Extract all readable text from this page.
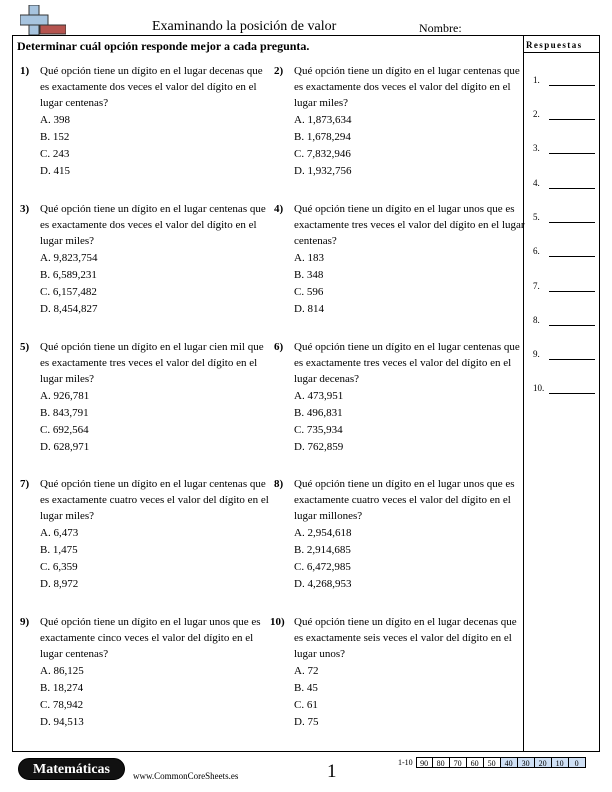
Examinando la posición de valor	Nombre:
Determinar cuál opción responde mejor a cada pregunta.	Respuestas
1.
2.
3.
4.
5.
6.
7.
8.
9.
10.
1) Qué opción tiene un dígito en el lugar decenas que es exactamente dos veces el valor del dígito en el lugar centenas?
A. 398
B. 152
C. 243
D. 415
2) Qué opción tiene un dígito en el lugar centenas que es exactamente dos veces el valor del dígito en el lugar miles?
A. 1,873,634
B. 1,678,294
C. 7,832,946
D. 1,932,756
3) Qué opción tiene un dígito en el lugar centenas que es exactamente dos veces el valor del dígito en el lugar miles?
A. 9,823,754
B. 6,589,231
C. 6,157,482
D. 8,454,827
4) Qué opción tiene un dígito en el lugar unos que es exactamente tres veces el valor del dígito en el lugar centenas?
A. 183
B. 348
C. 596
D. 814
5) Qué opción tiene un dígito en el lugar cien mil que es exactamente tres veces el valor del dígito en el lugar miles?
A. 926,781
B. 843,791
C. 692,564
D. 628,971
6) Qué opción tiene un dígito en el lugar centenas que es exactamente tres veces el valor del dígito en el lugar decenas?
A. 473,951
B. 496,831
C. 735,934
D. 762,859
7) Qué opción tiene un dígito en el lugar centenas que es exactamente cuatro veces el valor del dígito en el lugar miles?
A. 6,473
B. 1,475
C. 6,359
D. 8,972
8) Qué opción tiene un dígito en el lugar unos que es exactamente cuatro veces el valor del dígito en el lugar millones?
A. 2,954,618
B. 2,914,685
C. 6,472,985
D. 4,268,953
9) Qué opción tiene un dígito en el lugar unos que es exactamente cinco veces el valor del dígito en el lugar centenas?
A. 86,125
B. 18,274
C. 78,942
D. 94,513
10) Qué opción tiene un dígito en el lugar decenas que es exactamente seis veces el valor del dígito en el lugar unos?
A. 72
B. 45
C. 61
D. 75
Matemáticas	www.CommonCoreSheets.es	1	1-10 90	80	70	60	50	40	30	20	10	0
